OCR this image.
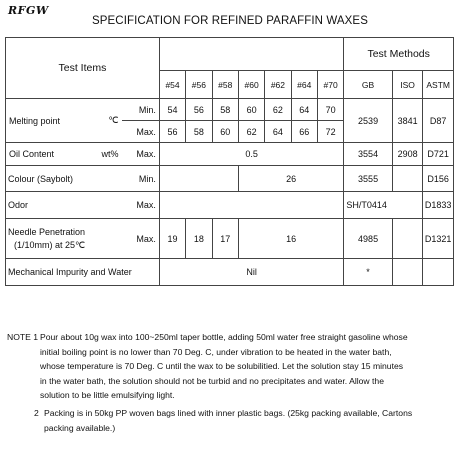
RFGW
SPECIFICATION FOR REFINED PARAFFIN WAXES
Test Items									Test Methods		
		#54	#56	#58	#60	#62	#64	#70	GB	ISO	ASTM

Melting point ℃	Min.	54	56	58	60	62	64	70	2539	3841	D87
	Max.	56	58	60	62	64	66	72			

Oil Content wt%	Max.	0.5							3554	2908	D721
Colour (Saybolt)	Min.				26				3555		D156
Odor	Max.								SH/T0414		D1833

Needle Penetration
(1/10mm) at 25℃	Max.	19	18	17	16				4985		D1321
Mechanical Impurity and Water		Nil							*		
NOTE 1 Pour about 10g wax into 100~250ml taper bottle, adding 50ml water free straight gasoline whose
initial boiling point is no lower than 70 Deg. C, under vibration to be heated in the water bath,
whose temperature is 70 Deg. C until the wax to be solubilitied. Let the solution stay 15 minutes
in the water bath, the solution should not be turbid and no precipitates and water. Allow the
solution to be little emulsifying light.
2 Packing is in 50kg PP woven bags lined with inner plastic bags. (25kg packing available, Cartons
packing available.)
